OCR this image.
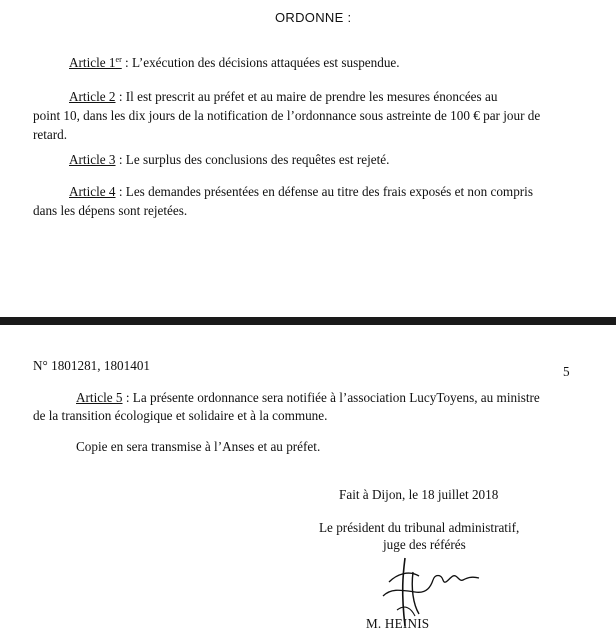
ORDONNE :
Article 1er : L’exécution des décisions attaquées est suspendue.
Article 2 : Il est prescrit au préfet et au maire de prendre les mesures énoncées au
point 10, dans les dix jours de la notification de l’ordonnance sous astreinte de 100 € par jour de
retard.
Article 3 : Le surplus des conclusions des requêtes est rejeté.
Article 4 : Les demandes présentées en défense au titre des frais exposés et non compris
dans les dépens sont rejetées.
N° 1801281, 1801401	5
Article 5 : La présente ordonnance sera notifiée à l’association LucyToyens, au ministre
de la transition écologique et solidaire et à la commune.
Copie en sera transmise à l’Anses et au préfet.
Fait à Dijon, le 18 juillet 2018
Le président du tribunal administratif,
juge des référés
M. HEINIS
